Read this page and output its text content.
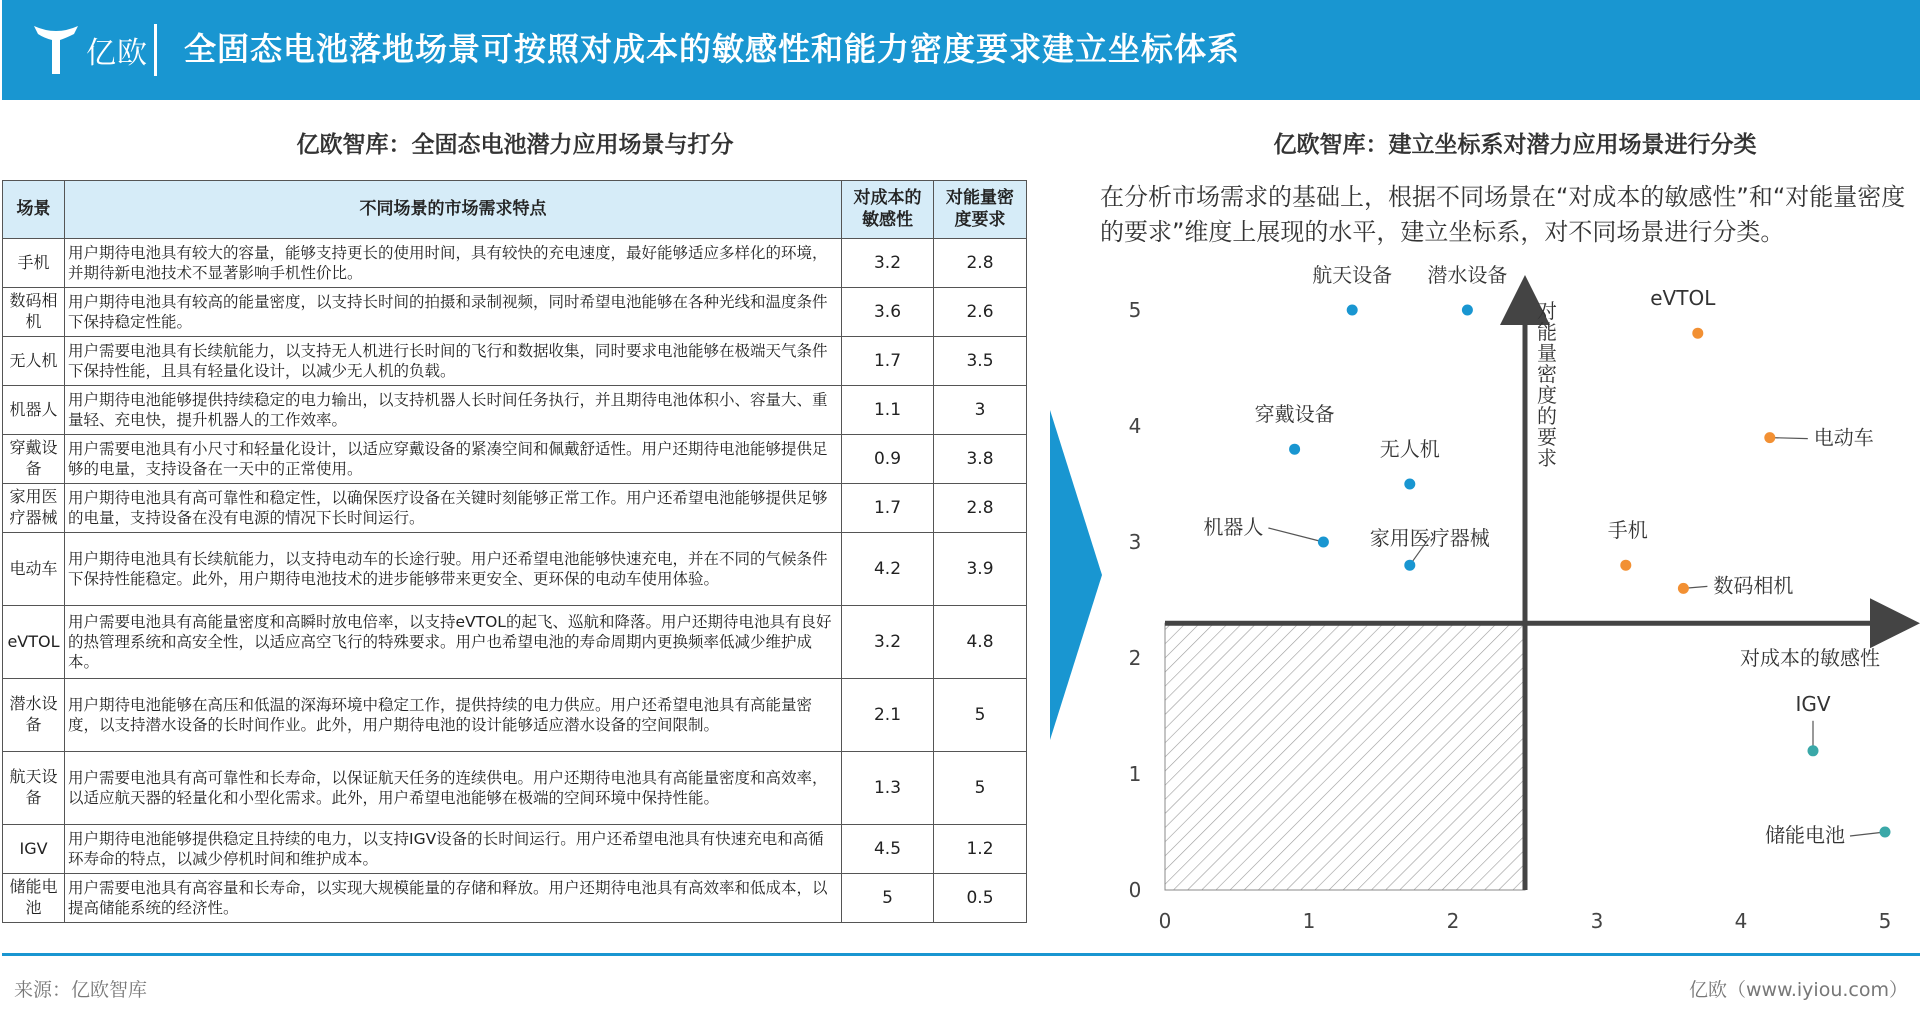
亿欧 全固态电池落地场景可按照对成本的敏感性和能力密度要求建立坐标体系
亿欧智库：全固态电池潜力应用场景与打分	亿欧智库：建立坐标系对潜力应用场景进行分类
场景	不同场景的市场需求特点	对成本的敏感性	对能量密度要求
手机	用户期待电池具有较大的容量，能够支持更长的使用时间，具有较快的充电速度，最好能够适应多样化的环境，并期待新电池技术不显著影响手机性价比。	3.2	2.8
数码相机	用户期待电池具有较高的能量密度，以支持长时间的拍摄和录制视频，同时希望电池能够在各种光线和温度条件下保持稳定性能。	3.6	2.6
无人机	用户需要电池具有长续航能力，以支持无人机进行长时间的飞行和数据收集，同时要求电池能够在极端天气条件下保持性能，且具有轻量化设计，以减少无人机的负载。	1.7	3.5
机器人	用户期待电池能够提供持续稳定的电力输出，以支持机器人长时间任务执行，并且期待电池体积小、容量大、重量轻、充电快，提升机器人的工作效率。	1.1	3
穿戴设备	用户需要电池具有小尺寸和轻量化设计，以适应穿戴设备的紧凑空间和佩戴舒适性。用户还期待电池能够提供足够的电量，支持设备在一天中的正常使用。	0.9	3.8
家用医疗器械	用户期待电池具有高可靠性和稳定性，以确保医疗设备在关键时刻能够正常工作。用户还希望电池能够提供足够的电量，支持设备在没有电源的情况下长时间运行。	1.7	2.8
电动车	用户期待电池具有长续航能力，以支持电动车的长途行驶。用户还希望电池能够快速充电，并在不同的气候条件下保持性能稳定。此外，用户期待电池技术的进步能够带来更安全、更环保的电动车使用体验。	4.2	3.9
eVTOL	用户需要电池具有高能量密度和高瞬时放电倍率，以支持eVTOL的起飞、巡航和降落。用户还期待电池具有良好的热管理系统和高安全性，以适应高空飞行的特殊要求。用户也希望电池的寿命周期内更换频率低减少维护成本。	3.2	4.8
潜水设备	用户期待电池能够在高压和低温的深海环境中稳定工作，提供持续的电力供应。用户还希望电池具有高能量密度，以支持潜水设备的长时间作业。此外，用户期待电池的设计能够适应潜水设备的空间限制。	2.1	5
航天设备	用户需要电池具有高可靠性和长寿命，以保证航天任务的连续供电。用户还期待电池具有高能量密度和高效率，以适应航天器的轻量化和小型化需求。此外，用户希望电池能够在极端的空间环境中保持性能。	1.3	5
IGV	用户期待电池能够提供稳定且持续的电力，以支持IGV设备的长时间运行。用户还希望电池具有快速充电和高循环寿命的特点，以减少停机时间和维护成本。	4.5	1.2
储能电池	用户需要电池具有高容量和长寿命，以实现大规模能量的存储和释放。用户还期待电池具有高效率和低成本，以提高储能系统的经济性。	5	0.5
在分析市场需求的基础上，根据不同场景在“对成本的敏感性”和“对能量密度的要求”维度上展现的水平，建立坐标系，对不同场景进行分类。
0	1	2	3	4	5
0
1
2
3
4
5
对成本的敏感性
对能量密度的要求
航天设备 潜水设备
穿戴设备
无人机
机器人	家用医疗器械
eVTOL
电动车
手机
数码相机
IGV
储能电池
来源：亿欧智库	亿欧（www.iyiou.com）
